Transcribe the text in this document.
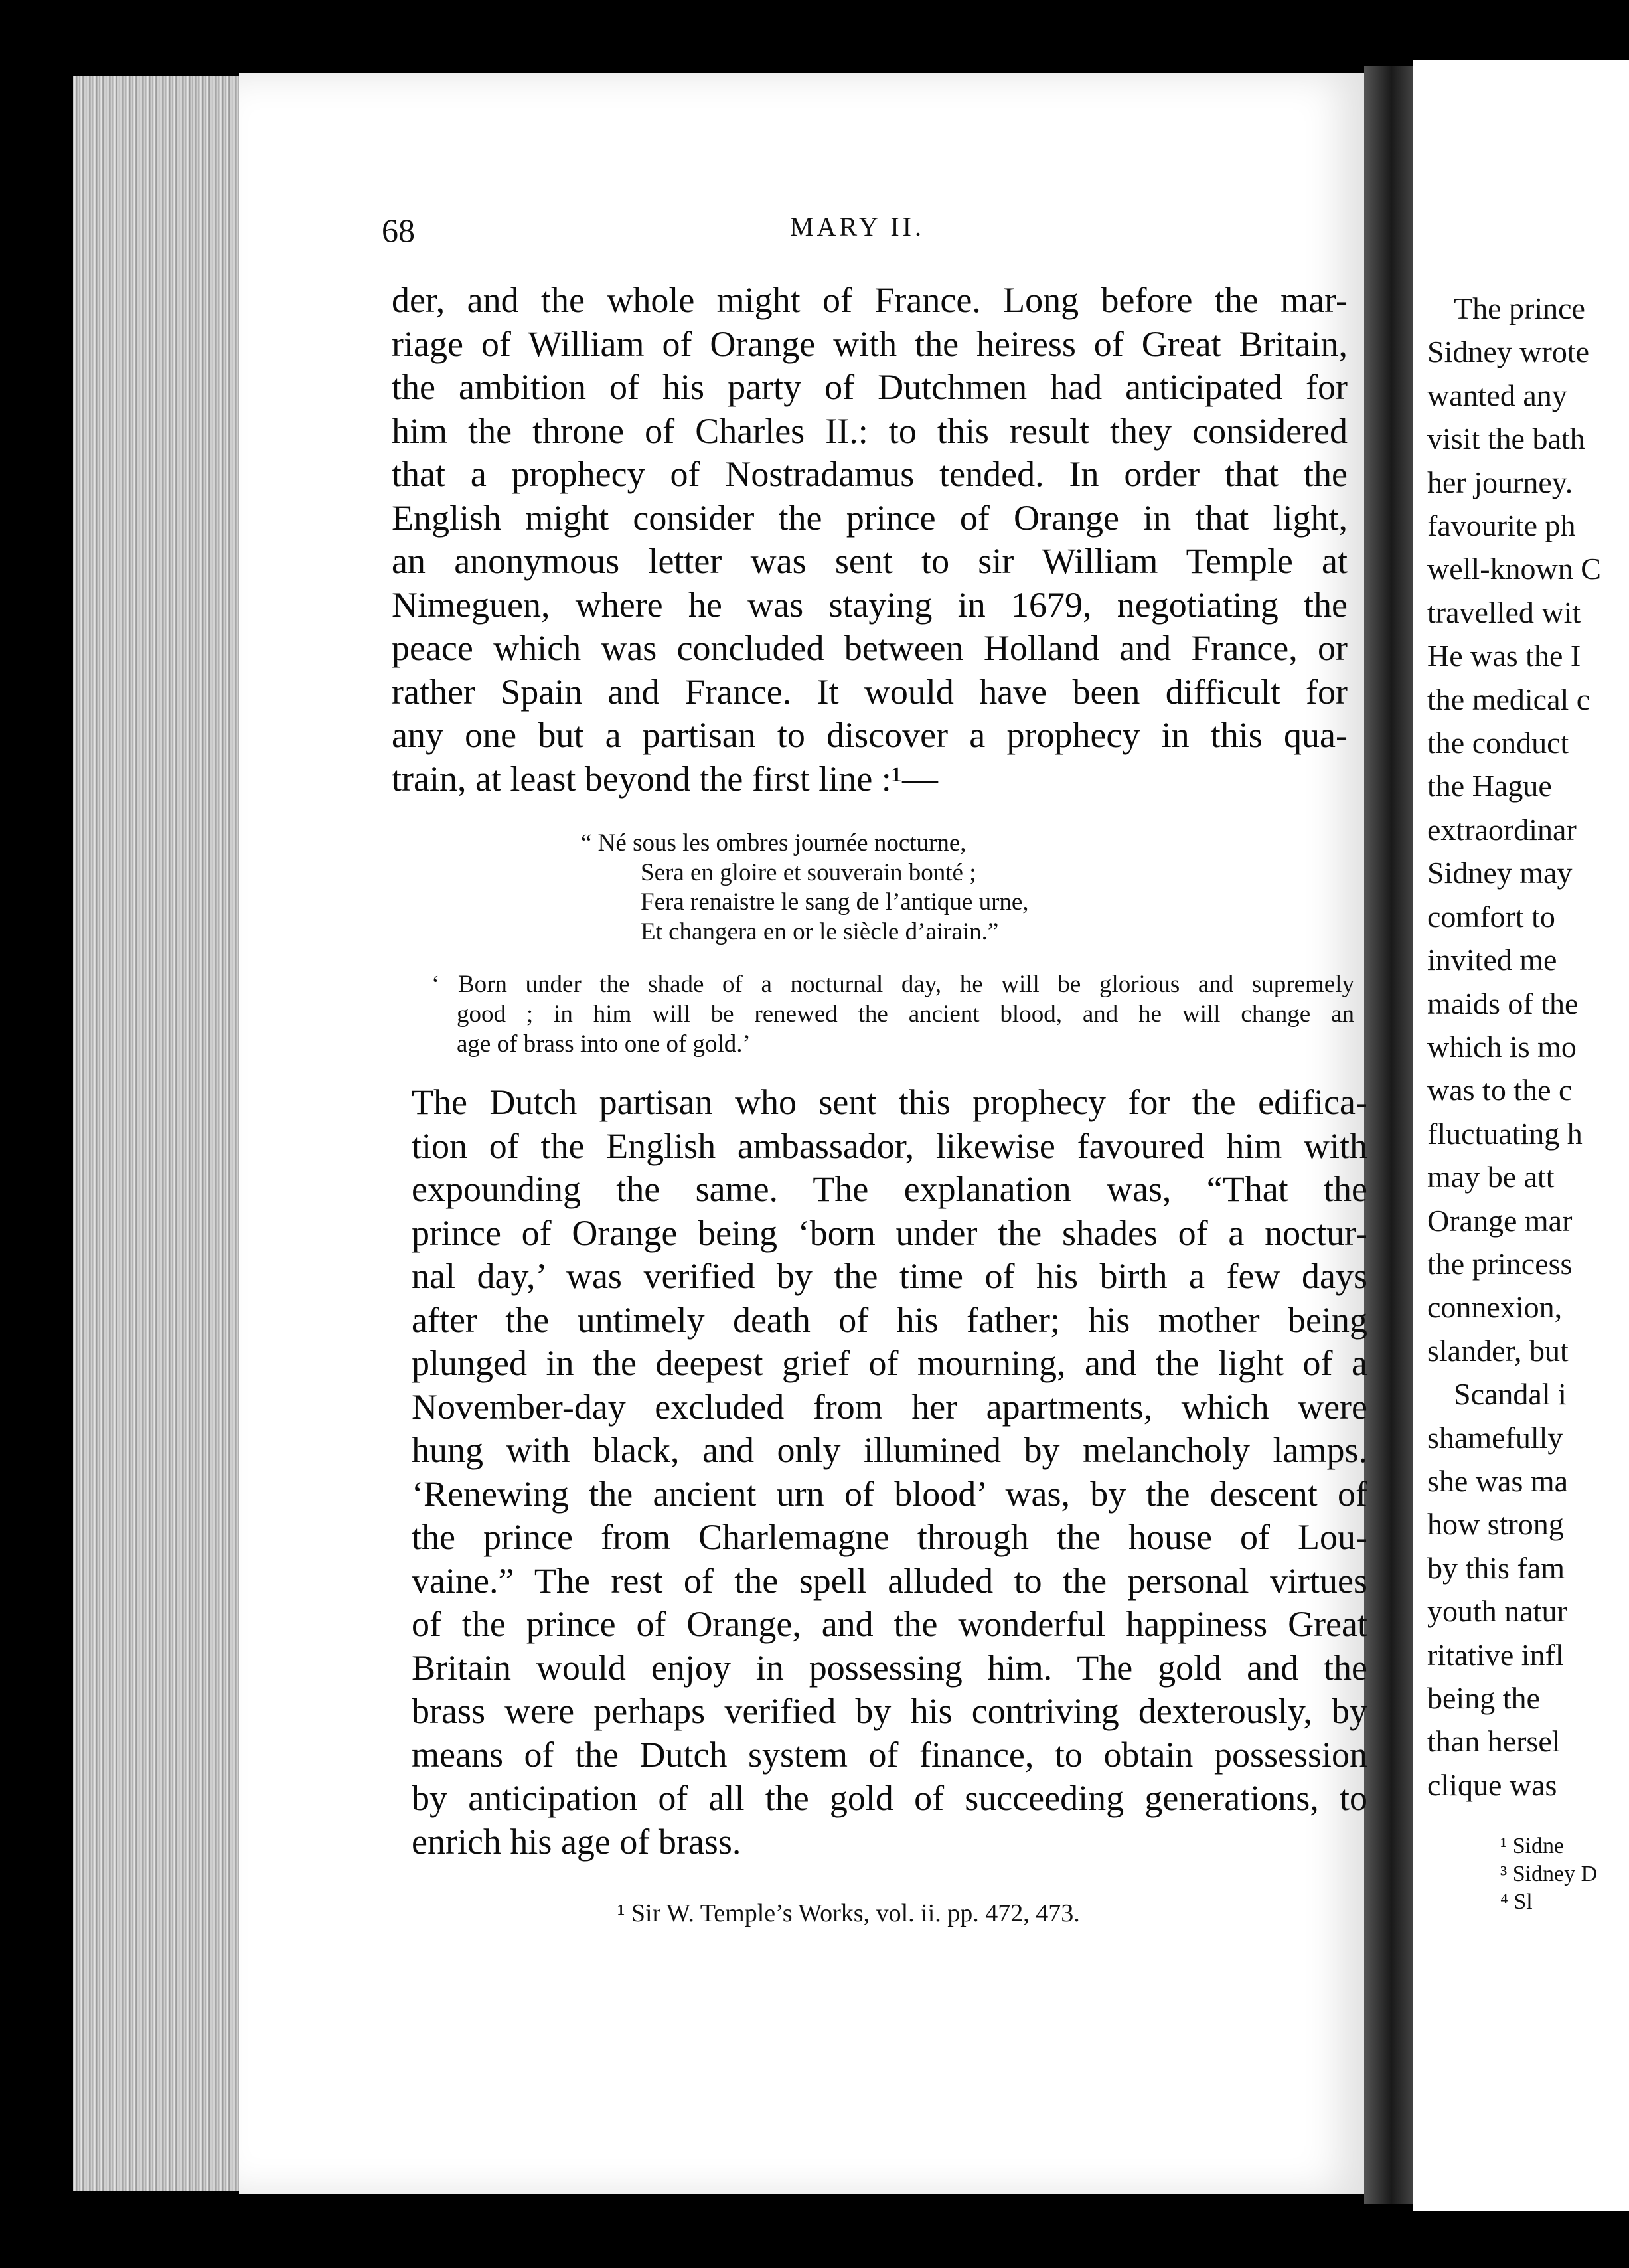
68	MARY II.
der, and the whole might of France. Long before the mar-
riage of William of Orange with the heiress of Great Britain,
the ambition of his party of Dutchmen had anticipated for
him the throne of Charles II.: to this result they considered
that a prophecy of Nostradamus tended. In order that the
English might consider the prince of Orange in that light,
an anonymous letter was sent to sir William Temple at
Nimeguen, where he was staying in 1679, negotiating the
peace which was concluded between Holland and France, or
rather Spain and France. It would have been difficult for
any one but a partisan to discover a prophecy in this qua-
train, at least beyond the first line :¹—
“ Né sous les ombres journée nocturne,
Sera en gloire et souverain bonté ;
Fera renaistre le sang de l’antique urne,
Et changera en or le siècle d’airain.”
‘ Born under the shade of a nocturnal day, he will be glorious and supremely
good ; in him will be renewed the ancient blood, and he will change an
age of brass into one of gold.’
The Dutch partisan who sent this prophecy for the edifica-
tion of the English ambassador, likewise favoured him with
expounding the same. The explanation was, “That the
prince of Orange being ‘born under the shades of a noctur-
nal day,’ was verified by the time of his birth a few days
after the untimely death of his father; his mother being
plunged in the deepest grief of mourning, and the light of a
November-day excluded from her apartments, which were
hung with black, and only illumined by melancholy lamps.
‘Renewing the ancient urn of blood’ was, by the descent of
the prince from Charlemagne through the house of Lou-
vaine.” The rest of the spell alluded to the personal virtues
of the prince of Orange, and the wonderful happiness Great
Britain would enjoy in possessing him. The gold and the
brass were perhaps verified by his contriving dexterously, by
means of the Dutch system of finance, to obtain possession
by anticipation of all the gold of succeeding generations, to
enrich his age of brass.
¹ Sir W. Temple’s Works, vol. ii. pp. 472, 473.
The prince
Sidney wrote
wanted any
visit the bath
her journey.
favourite ph
well-known C
travelled wit
He was the I
the medical c
the conduct
the Hague
extraordinar
Sidney may
comfort to
invited me
maids of the
which is mo
was to the c
fluctuating h
may be att
Orange mar
the princess
connexion,
slander, but
Scandal i
shamefully
she was ma
how strong
by this fam
youth natur
ritative infl
being the
than hersel
clique was
¹ Sidne
³ Sidney D
⁴ Sl
